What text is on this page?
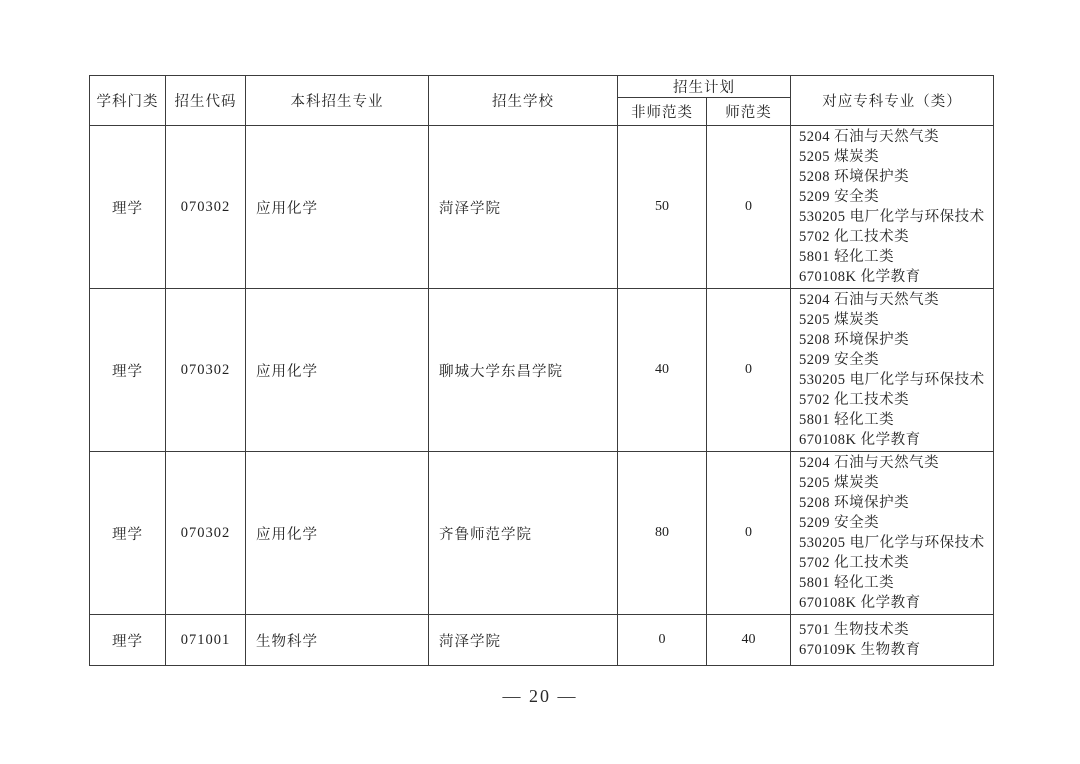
学科门类	招生代码	本科招生专业	招生学校	招生计划		对应专科专业（类）
				非师范类	师范类	
理学	070302	应用化学	菏泽学院	50	0	
5204 石油与天然气类
5205 煤炭类
5208 环境保护类
5209 安全类
530205 电厂化学与环保技术
5702 化工技术类
5801 轻化工类
670108K 化学教育

理学	070302	应用化学	聊城大学东昌学院	40	0	
5204 石油与天然气类
5205 煤炭类
5208 环境保护类
5209 安全类
530205 电厂化学与环保技术
5702 化工技术类
5801 轻化工类
670108K 化学教育

理学	070302	应用化学	齐鲁师范学院	80	0	
5204 石油与天然气类
5205 煤炭类
5208 环境保护类
5209 安全类
530205 电厂化学与环保技术
5702 化工技术类
5801 轻化工类
670108K 化学教育

理学	071001	生物科学	菏泽学院	0	40	5701 生物技术类
670109K 生物教育
— 20 —
